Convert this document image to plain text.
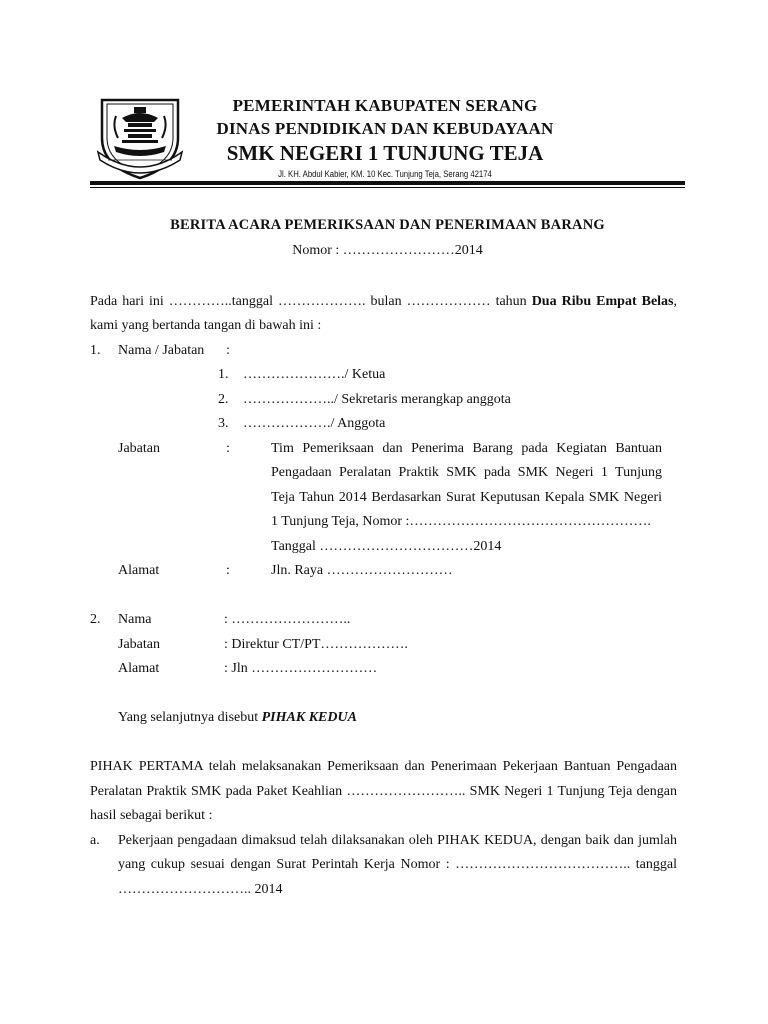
PEMERINTAH KABUPATEN SERANG
DINAS PENDIDIKAN DAN KEBUDAYAAN
SMK NEGERI 1 TUNJUNG TEJA
Jl. KH. Abdul Kabier, KM. 10 Kec. Tunjung Teja, Serang 42174
BERITA ACARA PEMERIKSAAN DAN PENERIMAAN BARANG
Nomor : ……………………2014
Pada hari ini …………..tanggal ………………. bulan ……………… tahun Dua Ribu Empat Belas,
kami yang bertanda tangan di bawah ini :
1. Nama / Jabatan :
1. …………………./ Ketua
2. ………………../ Sekretaris merangkap anggota
3. ………………./ Anggota
Jabatan	:	Tim Pemeriksaan dan Penerima Barang pada Kegiatan Bantuan
Pengadaan Peralatan Praktik SMK pada SMK Negeri 1 Tunjung
Teja Tahun 2014 Berdasarkan Surat Keputusan Kepala SMK Negeri
1 Tunjung Teja, Nomor :…………………………………………….
Tanggal ……………………………2014
Alamat	:	Jln. Raya ………………………
2. Nama	: ……………………..
Jabatan	: Direktur CT/PT……………….
Alamat	: Jln ………………………
Yang selanjutnya disebut PIHAK KEDUA
PIHAK PERTAMA telah melaksanakan Pemeriksaan dan Penerimaan Pekerjaan Bantuan Pengadaan
Peralatan Praktik SMK pada Paket Keahlian …………………….. SMK Negeri 1 Tunjung Teja dengan
hasil sebagai berikut :
a. Pekerjaan pengadaan dimaksud telah dilaksanakan oleh PIHAK KEDUA, dengan baik dan jumlah
yang cukup sesuai dengan Surat Perintah Kerja Nomor : ……………………………….. tanggal
……………………….. 2014
